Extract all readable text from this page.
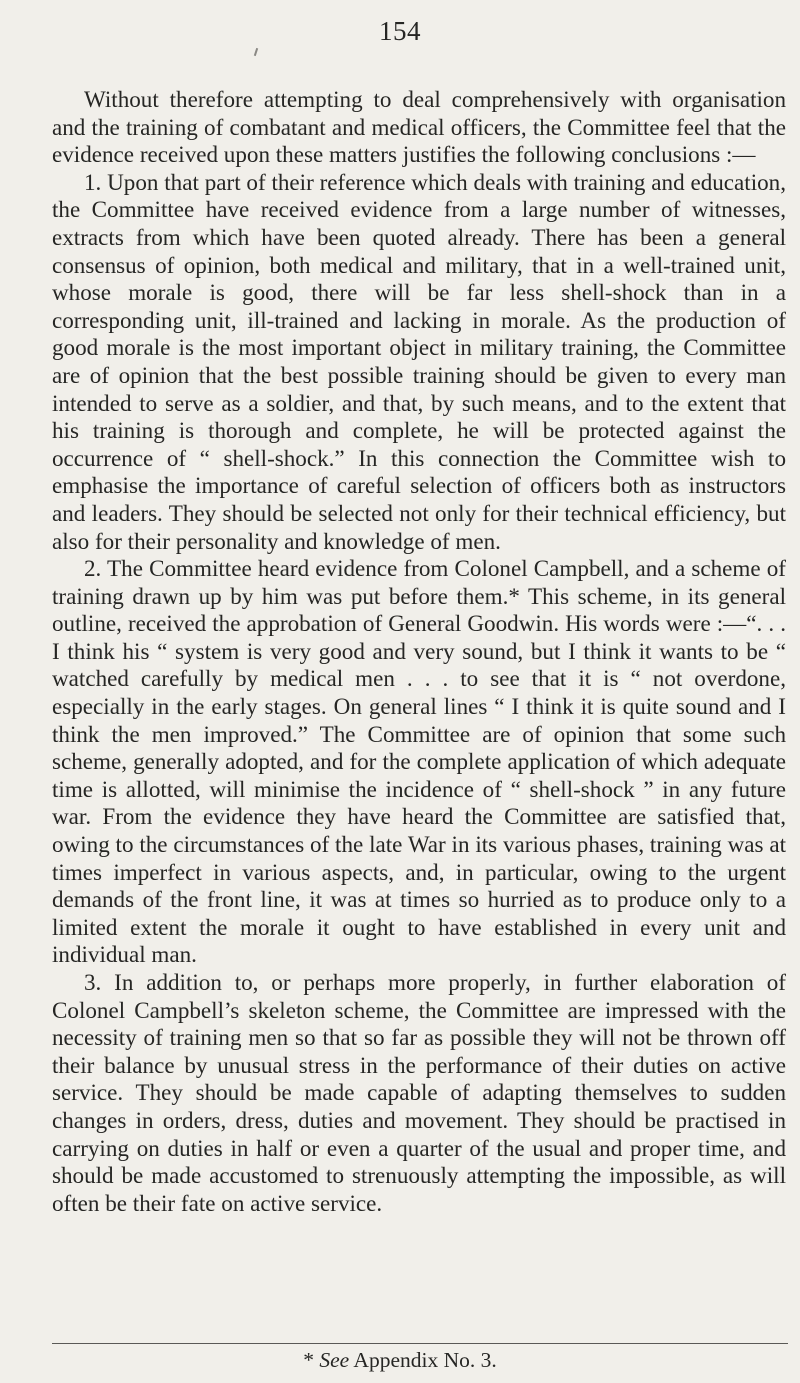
154

Without therefore attempting to deal comprehensively with organisation and the training of combatant and medical officers, the Committee feel that the evidence received upon these matters justifies the following conclusions :—

1. Upon that part of their reference which deals with training and education, the Committee have received evidence from a large number of witnesses, extracts from which have been quoted already. There has been a general consensus of opinion, both medical and military, that in a well-trained unit, whose morale is good, there will be far less shell-shock than in a corresponding unit, ill-trained and lacking in morale. As the production of good morale is the most important object in military training, the Committee are of opinion that the best possible training should be given to every man intended to serve as a soldier, and that, by such means, and to the extent that his training is thorough and complete, he will be protected against the occurrence of “ shell-shock.” In this connection the Committee wish to emphasise the importance of careful selection of officers both as instructors and leaders. They should be selected not only for their technical efficiency, but also for their personality and knowledge of men.

2. The Committee heard evidence from Colonel Campbell, and a scheme of training drawn up by him was put before them.* This scheme, in its general outline, received the approbation of General Goodwin. His words were :—“. . . I think his “ system is very good and very sound, but I think it wants to be “ watched carefully by medical men . . . to see that it is “ not overdone, especially in the early stages. On general lines “ I think it is quite sound and I think the men improved.” The Committee are of opinion that some such scheme, generally adopted, and for the complete application of which adequate time is allotted, will minimise the incidence of “ shell-shock ” in any future war. From the evidence they have heard the Committee are satisfied that, owing to the circumstances of the late War in its various phases, training was at times imperfect in various aspects, and, in particular, owing to the urgent demands of the front line, it was at times so hurried as to produce only to a limited extent the morale it ought to have established in every unit and individual man.

3. In addition to, or perhaps more properly, in further elaboration of Colonel Campbell’s skeleton scheme, the Committee are impressed with the necessity of training men so that so far as possible they will not be thrown off their balance by unusual stress in the performance of their duties on active service. They should be made capable of adapting themselves to sudden changes in orders, dress, duties and movement. They should be practised in carrying on duties in half or even a quarter of the usual and proper time, and should be made accustomed to strenuously attempting the impossible, as will often be their fate on active service.

* See Appendix No. 3.
